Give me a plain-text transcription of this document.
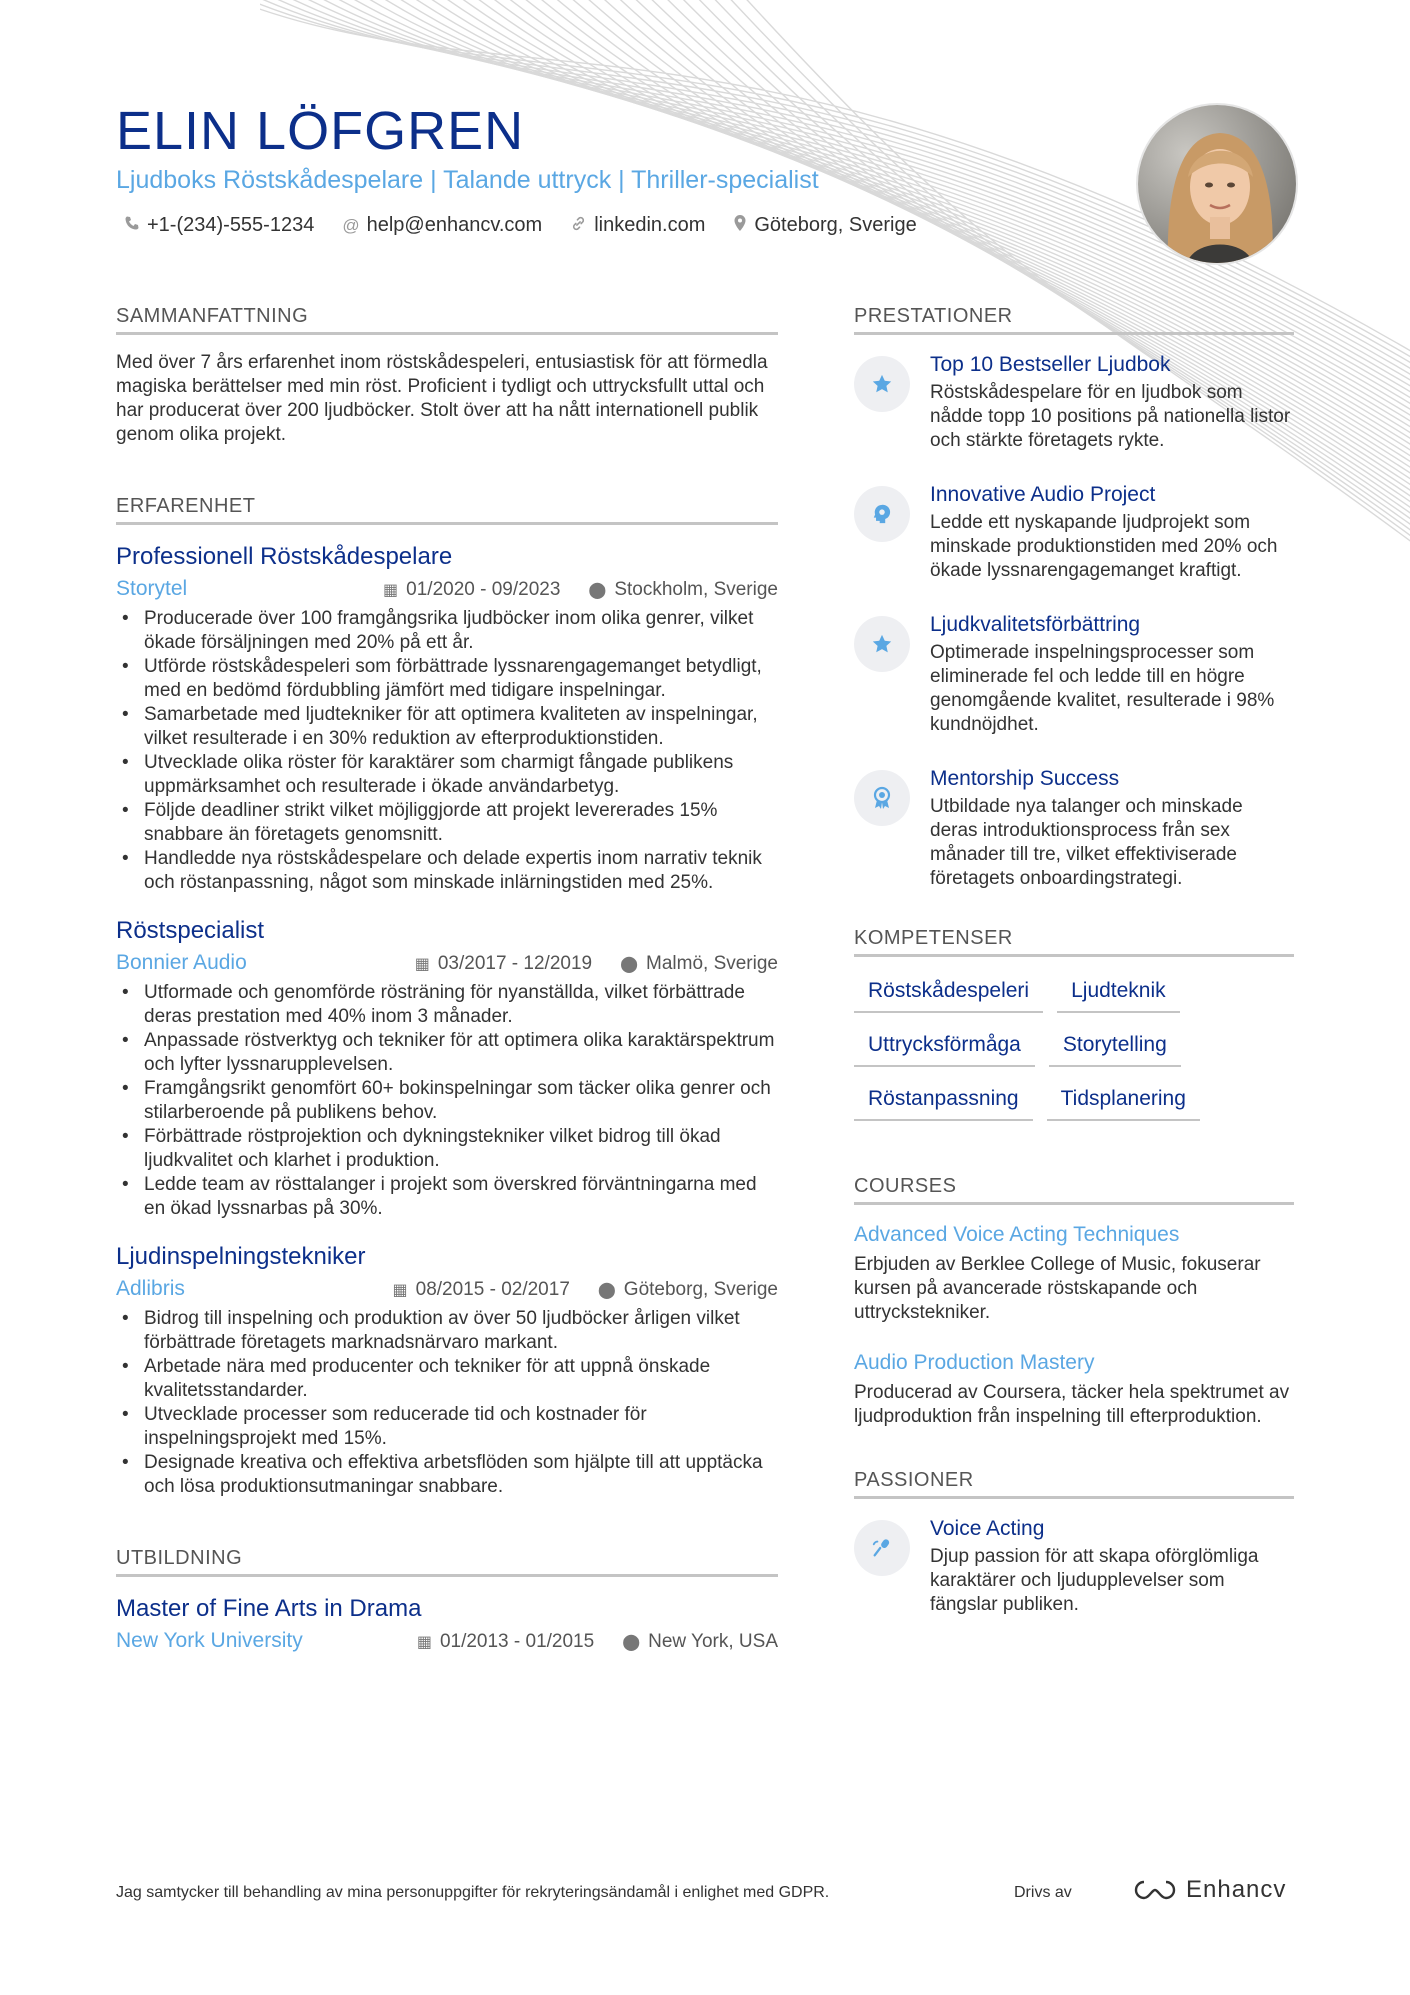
ELIN LÖFGREN
Ljudboks Röstskådespelare | Talande uttryck | Thriller-specialist
+1-(234)-555-1234 @ help@enhancv.com	linkedin.com Göteborg, Sverige
SAMMANFATTNING

Med över 7 års erfarenhet inom röstskådespeleri, entusiastisk för att förmedla magiska berättelser med min röst. Proficient i tydligt och uttrycksfullt uttal och har producerat över 200 ljudböcker. Stolt över att ha nått internationell publik genom olika projekt.

ERFARENHET
Professionell Röstskådespelare
Storytel	▦ 01/2020 - 09/2023 ⬤ Stockholm, Sverige
• Producerade över 100 framgångsrika ljudböcker inom olika genrer, vilket ökade försäljningen med 20% på ett år.
• Utförde röstskådespeleri som förbättrade lyssnarengagemanget betydligt, med en bedömd fördubbling jämfört med tidigare inspelningar.
• Samarbetade med ljudtekniker för att optimera kvaliteten av inspelningar, vilket resulterade i en 30% reduktion av efterproduktionstiden.
• Utvecklade olika röster för karaktärer som charmigt fångade publikens uppmärksamhet och resulterade i ökade användarbetyg.
• Följde deadliner strikt vilket möjliggjorde att projekt levererades 15% snabbare än företagets genomsnitt.
• Handledde nya röstskådespelare och delade expertis inom narrativ teknik och röstanpassning, något som minskade inlärningstiden med 25%.
Röstspecialist
Bonnier Audio	▦ 03/2017 - 12/2019 ⬤ Malmö, Sverige
• Utformade och genomförde rösträning för nyanställda, vilket förbättrade deras prestation med 40% inom 3 månader.
• Anpassade röstverktyg och tekniker för att optimera olika karaktärspektrum och lyfter lyssnarupplevelsen.
• Framgångsrikt genomfört 60+ bokinspelningar som täcker olika genrer och stilarberoende på publikens behov.
• Förbättrade röstprojektion och dykningstekniker vilket bidrog till ökad ljudkvalitet och klarhet i produktion.
• Ledde team av rösttalanger i projekt som överskred förväntningarna med en ökad lyssnarbas på 30%.
Ljudinspelningstekniker
Adlibris	▦ 08/2015 - 02/2017 ⬤ Göteborg, Sverige
• Bidrog till inspelning och produktion av över 50 ljudböcker årligen vilket förbättrade företagets marknadsnärvaro markant.
• Arbetade nära med producenter och tekniker för att uppnå önskade kvalitetsstandarder.
• Utvecklade processer som reducerade tid och kostnader för inspelningsprojekt med 15%.
• Designade kreativa och effektiva arbetsflöden som hjälpte till att upptäcka och lösa produktionsutmaningar snabbare.
UTBILDNING
Master of Fine Arts in Drama
New York University	▦ 01/2013 - 01/2015 ⬤ New York, USA
PRESTATIONER
Top 10 Bestseller Ljudbok
Röstskådespelare för en ljudbok som nådde topp 10 positions på nationella listor och stärkte företagets rykte.
Innovative Audio Project
Ledde ett nyskapande ljudprojekt som minskade produktionstiden med 20% och ökade lyssnarengagemanget kraftigt.
Ljudkvalitetsförbättring
Optimerade inspelningsprocesser som eliminerade fel och ledde till en högre genomgående kvalitet, resulterade i 98% kundnöjdhet.
Mentorship Success
Utbildade nya talanger och minskade deras introduktionsprocess från sex månader till tre, vilket effektiviserade företagets onboardingstrategi.
KOMPETENSER
Röstskådespeleri	Ljudteknik
Uttrycksförmåga	Storytelling
Röstanpassning	Tidsplanering
COURSES
Advanced Voice Acting Techniques
Erbjuden av Berklee College of Music, fokuserar kursen på avancerade röstskapande och uttryckstekniker.
Audio Production Mastery
Producerad av Coursera, täcker hela spektrumet av ljudproduktion från inspelning till efterproduktion.
PASSIONER
Voice Acting
Djup passion för att skapa oförglömliga karaktärer och ljudupplevelser som fängslar publiken.
Jag samtycker till behandling av mina personuppgifter för rekryteringsändamål i enlighet med GDPR.	Drivs av	Enhancv
